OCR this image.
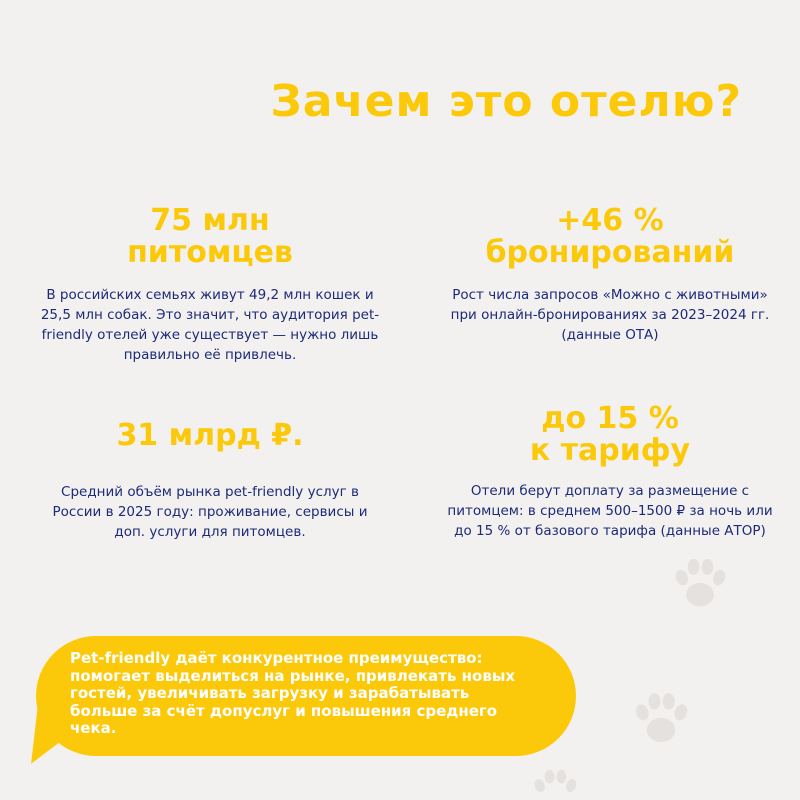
Зачем это отелю?
75 млн
питомцев
В российских семьях живут 49,2 млн кошек и 25,5 млн собак. Это значит, что аудитория pet-friendly отелей уже существует — нужно лишь правильно её привлечь.
+46 %
бронирований
Рост числа запросов «Можно с животными» при онлайн-бронированиях за 2023–2024 гг. (данные ОТА)
31 млрд ₽.
Средний объём рынка pet-friendly услуг в России в 2025 году: проживание, сервисы и доп. услуги для питомцев.
до 15 %
к тарифу
Отели берут доплату за размещение с питомцем: в среднем 500–1500 ₽ за ночь или до 15 % от базового тарифа (данные АТОР)
Pet-friendly даёт конкурентное преимущество: помогает выделиться на рынке, привлекать новых гостей, увеличивать загрузку и зарабатывать больше за счёт допуслуг и повышения среднего чека.
